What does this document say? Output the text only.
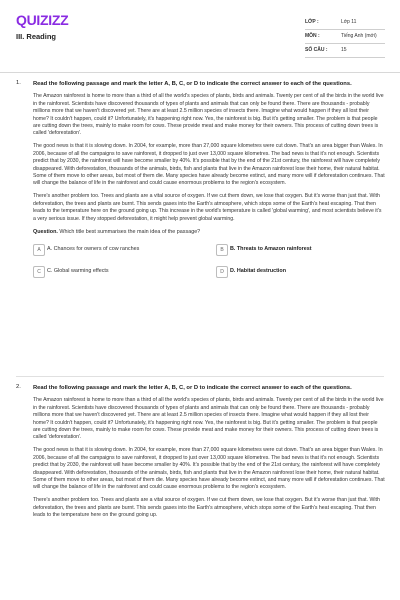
QUIZIZZ
III. Reading
LỚP :	Lớp 11
MÔN :	Tiếng Anh (mới)
SỐ CÂU :	15
1. Read the following passage and mark the letter A, B, C, or D to indicate the correct answer to each of the questions.

The Amazon rainforest is home to more than a third of all the world's species of plants, birds and animals. Twenty per cent of all the birds in the world live in the rainforest. Scientists have discovered thousands of types of plants and animals that can only be found there. There are thousands - probably millions more that we haven't discovered yet. There are at least 2.5 million species of insects there. Imagine what would happen if they all lost their home? It couldn't happen, could it? Unfortunately, it's happening right now. Yes, the rainforest is big. But it's getting smaller. The problem is that people are cutting down the trees, mainly to make room for cows. These provide meat and make money for their owners. This process of cutting down trees is called 'deforestation'.

The good news is that it is slowing down. In 2004, for example, more than 27,000 square kilometres were cut down. That's an area bigger than Wales. In 2006, because of all the campaigns to save rainforest, it dropped to just over 13,000 square kilometres. The bad news is that it's not enough. Scientists predict that by 2030, the rainforest will have become smaller by 40%. It's possible that by the end of the 21st century, the rainforest will have completely disappeared. With deforestation, thousands of the animals, birds, fish and plants that live in the Amazon rainforest lose their home, their natural habitat. Some of them move to other areas, but most of them die. Many species have already become extinct, and many more will if deforestation continues. That will change the balance of life in the rainforest and could cause enormous problems to the region's ecosystem.

There's another problem too. Trees and plants are a vital source of oxygen. If we cut them down, we lose that oxygen. But it's worse than just that. With deforestation, the trees and plants are burnt. This sends gases into the Earth's atmosphere, which stops some of the Earth's heat escaping. That then leads to the temperature here on the ground going up. This increase in the world's temperature is called 'global warming', and most scientists believe it's a very serious issue. If they stopped deforestation, it might help prevent global warming.

Question. Which title best summarises the main idea of the passage?

A	A. Chances for owners of cow ranches	B	B. Threats to Amazon rainforest
C	C. Global warming effects	D	D. Habitat destruction
2. Read the following passage and mark the letter A, B, C, or D to indicate the correct answer to each of the questions.

The Amazon rainforest is home to more than a third of all the world's species of plants, birds and animals. Twenty per cent of all the birds in the world live in the rainforest. Scientists have discovered thousands of types of plants and animals that can only be found there. There are thousands - probably millions more that we haven't discovered yet. There are at least 2.5 million species of insects there. Imagine what would happen if they all lost their home? It couldn't happen, could it? Unfortunately, it's happening right now. Yes, the rainforest is big. But it's getting smaller. The problem is that people are cutting down the trees, mainly to make room for cows. These provide meat and make money for their owners. This process of cutting down trees is called 'deforestation'.

The good news is that it is slowing down. In 2004, for example, more than 27,000 square kilometres were cut down. That's an area bigger than Wales. In 2006, because of all the campaigns to save rainforest, it dropped to just over 13,000 square kilometres. The bad news is that it's not enough. Scientists predict that by 2030, the rainforest will have become smaller by 40%. It's possible that by the end of the 21st century, the rainforest will have completely disappeared. With deforestation, thousands of the animals, birds, fish and plants that live in the Amazon rainforest lose their home, their natural habitat. Some of them move to other areas, but most of them die. Many species have already become extinct, and many more will if deforestation continues. That will change the balance of life in the rainforest and could cause enormous problems to the region's ecosystem.

There's another problem too. Trees and plants are a vital source of oxygen. If we cut them down, we lose that oxygen. But it's worse than just that. With deforestation, the trees and plants are burnt. This sends gases into the Earth's atmosphere, which stops some of the Earth's heat escaping. That then leads to the temperature here on the ground going up.
